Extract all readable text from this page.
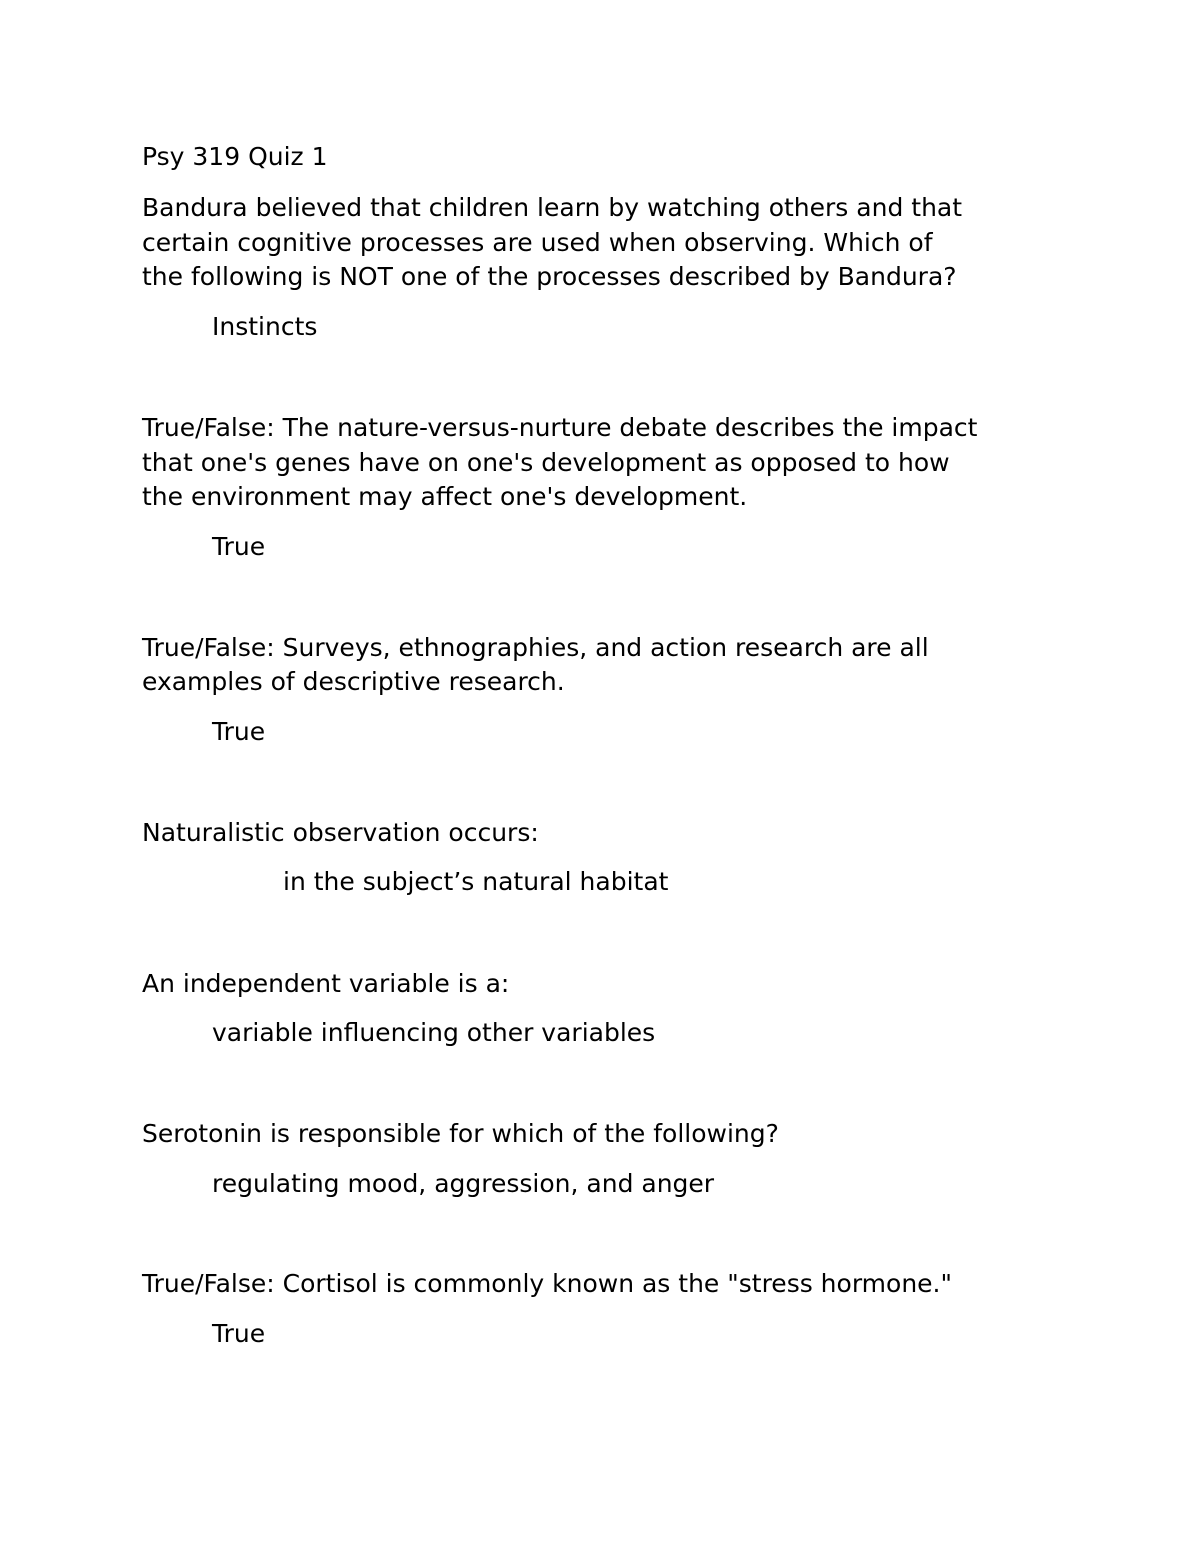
Psy 319 Quiz 1

Bandura believed that children learn by watching others and that

certain cognitive processes are used when observing. Which of

the following is NOT one of the processes described by Bandura?

Instincts

True/False: The nature-versus-nurture debate describes the impact

that one's genes have on one's development as opposed to how

the environment may affect one's development.

True

True/False: Surveys, ethnographies, and action research are all

examples of descriptive research.

True

Naturalistic observation occurs:

in the subject’s natural habitat

An independent variable is a:

variable influencing other variables

Serotonin is responsible for which of the following?

regulating mood, aggression, and anger

True/False: Cortisol is commonly known as the "stress hormone."

True
